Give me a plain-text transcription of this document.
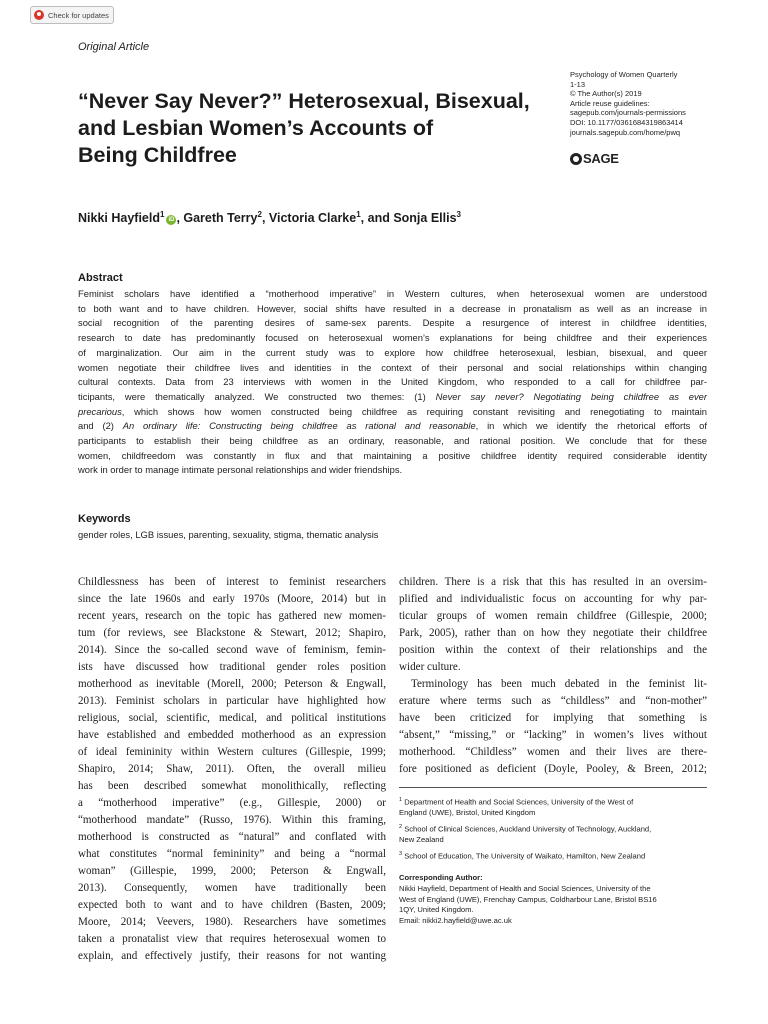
Check for updates
Original Article
“Never Say Never?” Heterosexual, Bisexual,
and Lesbian Women’s Accounts of
Being Childfree
Psychology of Women Quarterly
1-13
© The Author(s) 2019
Article reuse guidelines:
sagepub.com/journals-permissions
DOI: 10.1177/0361684319863414
journals.sagepub.com/home/pwq
SAGE
Nikki Hayfield$^1$iD , Gareth Terry$^2$, Victoria Clarke$^1$, and Sonja Ellis$^3$
Abstract
Feminist scholars have identified a “motherhood imperative” in Western cultures, when heterosexual women are understood
to both want and to have children. However, social shifts have resulted in a decrease in pronatalism as well as an increase in
social recognition of the parenting desires of same-sex parents. Despite a resurgence of interest in childfree identities,
research to date has predominantly focused on heterosexual women’s explanations for being childfree and their experiences
of marginalization. Our aim in the current study was to explore how childfree heterosexual, lesbian, bisexual, and queer
women negotiate their childfree lives and identities in the context of their personal and social relationships within changing
cultural contexts. Data from 23 interviews with women in the United Kingdom, who responded to a call for childfree par-
ticipants, were thematically analyzed. We constructed two themes: (1) Never say never? Negotiating being childfree as ever
precarious, which shows how women constructed being childfree as requiring constant revisiting and renegotiating to maintain
and (2) An ordinary life: Constructing being childfree as rational and reasonable, in which we identify the rhetorical efforts of
participants to establish their being childfree as an ordinary, reasonable, and rational position. We conclude that for these
women, childfreedom was constantly in flux and that maintaining a positive childfree identity required considerable identity
work in order to manage intimate personal relationships and wider friendships.
Keywords
gender roles, LGB issues, parenting, sexuality, stigma, thematic analysis
Childlessness has been of interest to feminist researchers
since the late 1960s and early 1970s (Moore, 2014) but in
recent years, research on the topic has gathered new momen-
tum (for reviews, see Blackstone & Stewart, 2012; Shapiro,
2014). Since the so-called second wave of feminism, femin-
ists have discussed how traditional gender roles position
motherhood as inevitable (Morell, 2000; Peterson & Engwall,
2013). Feminist scholars in particular have highlighted how
religious, social, scientific, medical, and political institutions
have established and embedded motherhood as an expression
of ideal femininity within Western cultures (Gillespie, 1999;
Shapiro, 2014; Shaw, 2011). Often, the overall milieu
has been described somewhat monolithically, reflecting
a “motherhood imperative” (e.g., Gillespie, 2000) or
“motherhood mandate” (Russo, 1976). Within this framing,
motherhood is constructed as “natural” and conflated with
what constitutes “normal femininity” and being a “normal
woman” (Gillespie, 1999, 2000; Peterson & Engwall,
2013). Consequently, women have traditionally been
expected both to want and to have children (Basten, 2009;
Moore, 2014; Veevers, 1980). Researchers have sometimes
taken a pronatalist view that requires heterosexual women to
explain, and effectively justify, their reasons for not wanting
children. There is a risk that this has resulted in an oversim-
plified and individualistic focus on accounting for why par-
ticular groups of women remain childfree (Gillespie, 2000;
Park, 2005), rather than on how they negotiate their childfree
position within the context of their relationships and the
wider culture.
Terminology has been much debated in the feminist lit-
erature where terms such as “childless” and “non-mother”
have been criticized for implying that something is
“absent,” “missing,” or “lacking” in women’s lives without
motherhood. “Childless” women and their lives are there-
fore positioned as deficient (Doyle, Pooley, & Breen, 2012;
$^1$ Department of Health and Social Sciences, University of the West of
England (UWE), Bristol, United Kingdom
$^2$ School of Clinical Sciences, Auckland University of Technology, Auckland,
New Zealand
$^3$ School of Education, The University of Waikato, Hamilton, New Zealand
Corresponding Author:
Nikki Hayfield, Department of Health and Social Sciences, University of the
West of England (UWE), Frenchay Campus, Coldharbour Lane, Bristol BS16
1QY, United Kingdom.
Email: nikki2.hayfield@uwe.ac.uk
